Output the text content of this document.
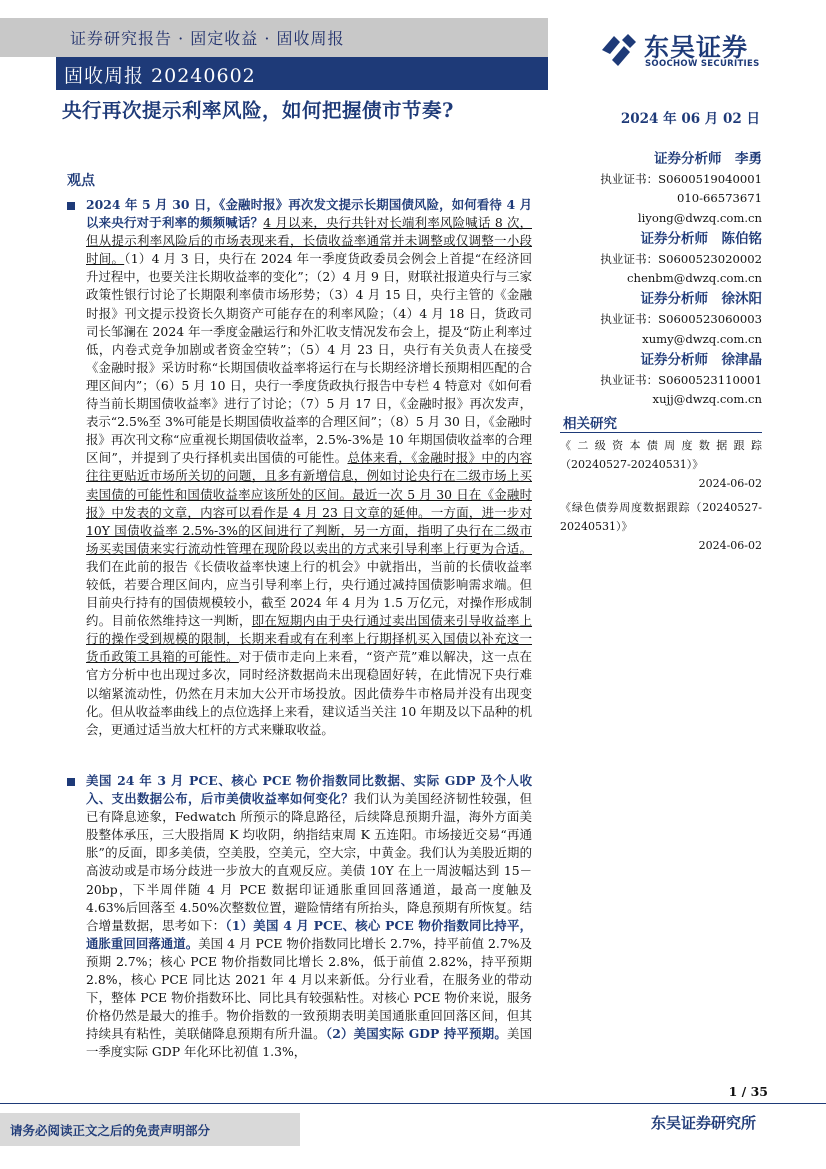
证券研究报告 · 固定收益 · 固收周报
固收周报 20240602
东吴证券
SOOCHOW SECURITIES
央行再次提示利率风险，如何把握债市节奏?	2024 年 06 月 02 日
观点
证券分析师　李勇
执业证书：S0600519040001
010-66573671
liyong@dwzq.com.cn
证券分析师　陈伯铭
执业证书：S0600523020002
chenbm@dwzq.com.cn
证券分析师　徐沐阳
执业证书：S0600523060003
xumy@dwzq.com.cn
证券分析师　徐津晶
执业证书：S0600523110001
xujj@dwzq.com.cn
相关研究
《二级资本债周度数据跟踪（20240527-20240531）》
2024-06-02
《绿色债券周度数据跟踪（20240527-20240531）》
2024-06-02
2024 年 5 月 30 日，《金融时报》再次发文提示长期国债风险，如何看待 4 月以来央行对于利率的频频喊话？4 月以来，央行共针对长端利率风险喊话 8 次，但从提示利率风险后的市场表现来看，长债收益率通常并未调整或仅调整一小段时间。（1）4 月 3 日，央行在 2024 年一季度货政委员会例会上首提“在经济回升过程中，也要关注长期收益率的变化”；（2）4 月 9 日，财联社报道央行与三家政策性银行讨论了长期限利率债市场形势；（3）4 月 15 日，央行主管的《金融时报》刊文提示投资长久期资产可能存在的利率风险；（4）4 月 18 日，货政司司长邹澜在 2024 年一季度金融运行和外汇收支情况发布会上，提及“防止利率过低，内卷式竞争加剧或者资金空转”；（5）4 月 23 日，央行有关负责人在接受《金融时报》采访时称“长期国债收益率将运行在与长期经济增长预期相匹配的合理区间内”；（6）5 月 10 日，央行一季度货政执行报告中专栏 4 特意对《如何看待当前长期国债收益率》进行了讨论；（7）5 月 17 日，《金融时报》再次发声，表示“2.5%至 3%可能是长期国债收益率的合理区间”；（8）5 月 30 日，《金融时报》再次刊文称“应重视长期国债收益率，2.5%-3%是 10 年期国债收益率的合理区间”，并提到了央行择机卖出国债的可能性。总体来看，《金融时报》中的内容往往更贴近市场所关切的问题，且多有新增信息，例如讨论央行在二级市场上买卖国债的可能性和国债收益率应该所处的区间。最近一次 5 月 30 日在《金融时报》中发表的文章，内容可以看作是 4 月 23 日文章的延伸。一方面，进一步对 10Y 国债收益率 2.5%-3%的区间进行了判断，另一方面，指明了央行在二级市场买卖国债来实行流动性管理在现阶段以卖出的方式来引导利率上行更为合适。我们在此前的报告《长债收益率快速上行的机会》中就指出，当前的长债收益率较低，若要合理区间内，应当引导利率上行，央行通过减持国债影响需求端。但目前央行持有的国债规模较小，截至 2024 年 4 月为 1.5 万亿元，对操作形成制约。目前依然维持这一判断，即在短期内由于央行通过卖出国债来引导收益率上行的操作受到规模的限制，长期来看或有在利率上行期择机买入国债以补充这一货币政策工具箱的可能性。对于债市走向上来看，“资产荒”难以解决，这一点在官方分析中也出现过多次，同时经济数据尚未出现稳固好转，在此情况下央行难以缩紧流动性，仍然在月末加大公开市场投放。因此债券牛市格局并没有出现变化。但从收益率曲线上的点位选择上来看，建议适当关注 10 年期及以下品种的机会，更通过适当放大杠杆的方式来赚取收益。
美国 24 年 3 月 PCE、核心 PCE 物价指数同比数据、实际 GDP 及个人收入、支出数据公布，后市美债收益率如何变化？我们认为美国经济韧性较强，但已有降息迹象，Fedwatch 所预示的降息路径，后续降息预期升温，海外方面美股整体承压，三大股指周 K 均收阴，纳指结束周 K 五连阳。市场接近交易“再通胀”的反面，即多美债，空美股，空美元，空大宗，中黄金。我们认为美股近期的高波动或是市场分歧进一步放大的直观反应。美债 10Y 在上一周波幅达到 15－20bp，下半周伴随 4 月 PCE 数据印证通胀重回回落通道，最高一度触及 4.63%后回落至 4.50%次整数位置，避险情绪有所抬头，降息预期有所恢复。结合增量数据，思考如下：（1）美国 4 月 PCE、核心 PCE 物价指数同比持平，通胀重回回落通道。美国 4 月 PCE 物价指数同比增长 2.7%，持平前值 2.7%及预期 2.7%；核心 PCE 物价指数同比增长 2.8%，低于前值 2.82%，持平预期 2.8%，核心 PCE 同比达 2021 年 4 月以来新低。分行业看，在服务业的带动下，整体 PCE 物价指数环比、同比具有较强粘性。对核心 PCE 物价来说，服务价格仍然是最大的推手。物价指数的一致预期表明美国通胀重回回落区间，但其持续具有粘性，美联储降息预期有所升温。（2）美国实际 GDP 持平预期。美国一季度实际 GDP 年化环比初值 1.3%，
1 / 35
请务必阅读正文之后的免责声明部分	东吴证券研究所
